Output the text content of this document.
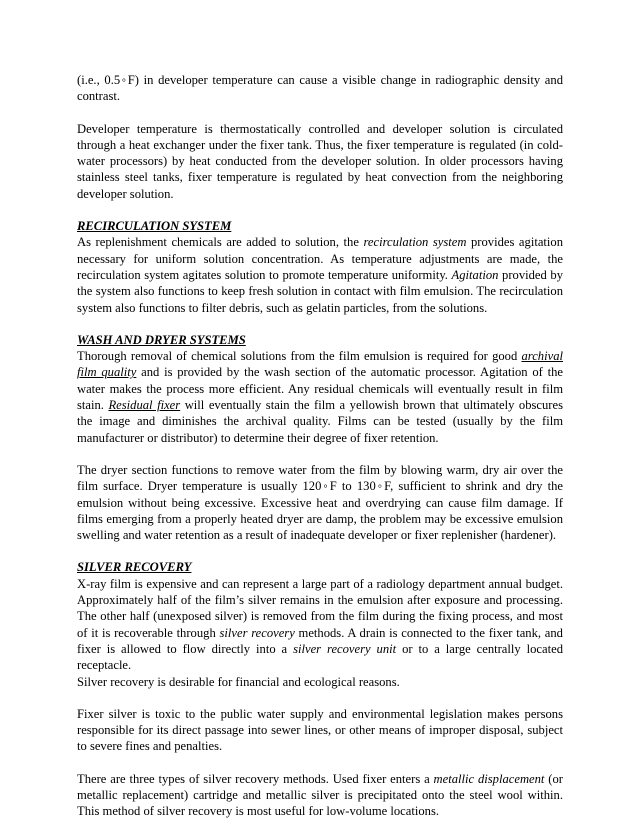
(i.e., 0.5◦F) in developer temperature can cause a visible change in radiographic density and contrast.

Developer temperature is thermostatically controlled and developer solution is circulated through a heat exchanger under the fixer tank. Thus, the fixer temperature is regulated (in cold-water processors) by heat conducted from the developer solution. In older processors having stainless steel tanks, fixer temperature is regulated by heat convection from the neighboring developer solution.

RECIRCULATION SYSTEM

As replenishment chemicals are added to solution, the recirculation system provides agitation necessary for uniform solution concentration. As temperature adjustments are made, the recirculation system agitates solution to promote temperature uniformity. Agitation provided by the system also functions to keep fresh solution in contact with film emulsion. The recirculation system also functions to filter debris, such as gelatin particles, from the solutions.

WASH AND DRYER SYSTEMS

Thorough removal of chemical solutions from the film emulsion is required for good archival film quality and is provided by the wash section of the automatic processor. Agitation of the water makes the process more efficient. Any residual chemicals will eventually result in film stain. Residual fixer will eventually stain the film a yellowish brown that ultimately obscures the image and diminishes the archival quality. Films can be tested (usually by the film manufacturer or distributor) to determine their degree of fixer retention.

The dryer section functions to remove water from the film by blowing warm, dry air over the film surface. Dryer temperature is usually 120◦F to 130◦F, sufficient to shrink and dry the emulsion without being excessive. Excessive heat and overdrying can cause film damage. If films emerging from a properly heated dryer are damp, the problem may be excessive emulsion swelling and water retention as a result of inadequate developer or fixer replenisher (hardener).

SILVER RECOVERY

X-ray film is expensive and can represent a large part of a radiology department annual budget. Approximately half of the film’s silver remains in the emulsion after exposure and processing. The other half (unexposed silver) is removed from the film during the fixing process, and most of it is recoverable through silver recovery methods. A drain is connected to the fixer tank, and fixer is allowed to flow directly into a silver recovery unit or to a large centrally located receptacle.

Silver recovery is desirable for financial and ecological reasons.

Fixer silver is toxic to the public water supply and environmental legislation makes persons responsible for its direct passage into sewer lines, or other means of improper disposal, subject to severe fines and penalties.

There are three types of silver recovery methods. Used fixer enters a metallic displacement (or metallic replacement) cartridge and metallic silver is precipitated onto the steel wool within. This method of silver recovery is most useful for low-volume locations.
